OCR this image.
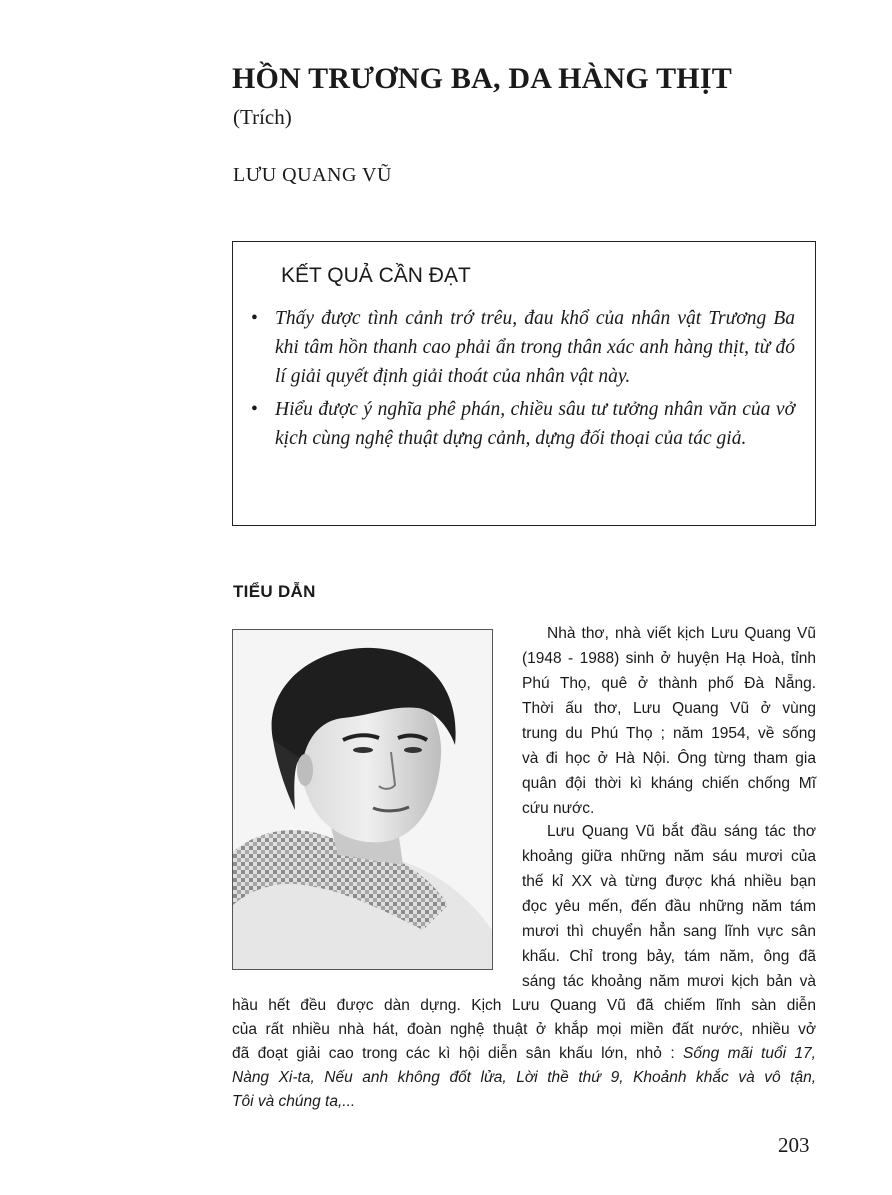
HỒN TRƯƠNG BA, DA HÀNG THỊT
(Trích)
LƯU QUANG VŨ
KẾT QUẢ CẦN ĐẠT
• Thấy được tình cảnh trớ trêu, đau khổ của nhân vật Trương Ba khi tâm hồn thanh cao phải ẩn trong thân xác anh hàng thịt, từ đó lí giải quyết định giải thoát của nhân vật này.
• Hiểu được ý nghĩa phê phán, chiều sâu tư tưởng nhân văn của vở kịch cùng nghệ thuật dựng cảnh, dựng đối thoại của tác giả.
TIỂU DẪN
Nhà thơ, nhà viết kịch Lưu Quang Vũ
(1948 - 1988) sinh ở huyện Hạ Hoà, tỉnh
Phú Thọ, quê ở thành phố Đà Nẵng.
Thời ấu thơ, Lưu Quang Vũ ở vùng
trung du Phú Thọ ; năm 1954, về sống
và đi học ở Hà Nội. Ông từng tham gia
quân đội thời kì kháng chiến chống Mĩ
cứu nước.
Lưu Quang Vũ bắt đầu sáng tác thơ
khoảng giữa những năm sáu mươi của
thế kỉ XX và từng được khá nhiều bạn
đọc yêu mến, đến đầu những năm tám
mươi thì chuyển hẳn sang lĩnh vực sân
khấu. Chỉ trong bảy, tám năm, ông đã
sáng tác khoảng năm mươi kịch bản và
hầu hết đều được dàn dựng. Kịch Lưu Quang Vũ đã chiếm lĩnh sàn diễn
của rất nhiều nhà hát, đoàn nghệ thuật ở khắp mọi miền đất nước, nhiều vở
đã đoạt giải cao trong các kì hội diễn sân khấu lớn, nhỏ : Sống mãi tuổi 17,
Nàng Xi-ta, Nếu anh không đốt lửa, Lời thề thứ 9, Khoảnh khắc và vô tận,
Tôi và chúng ta,...
203
